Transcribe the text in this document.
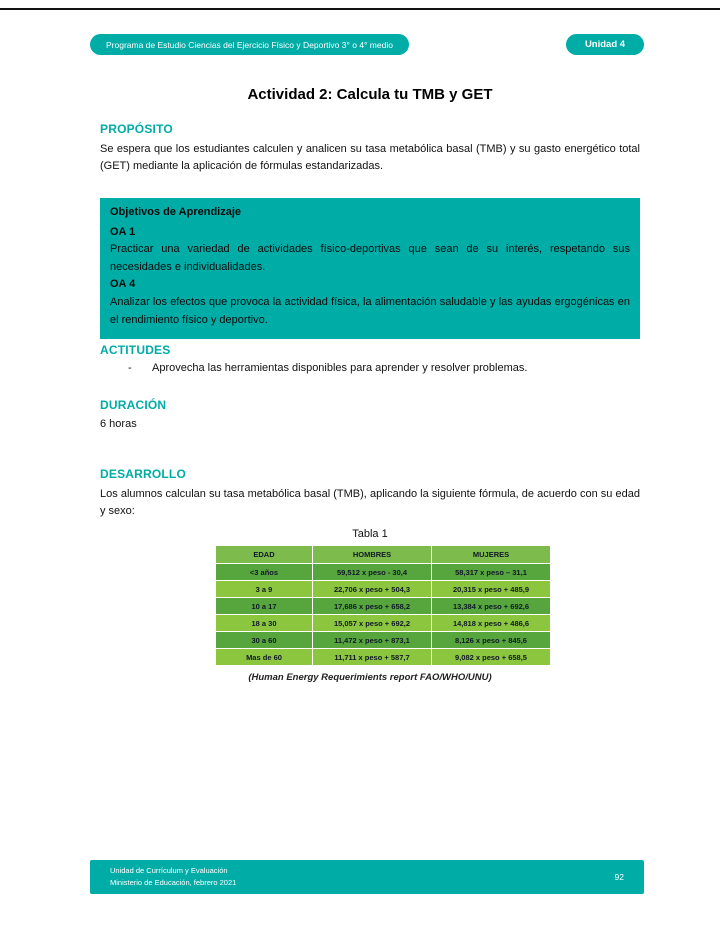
Programa de Estudio Ciencias del Ejercicio Físico y Deportivo 3° o 4° medio	Unidad 4
Actividad 2: Calcula tu TMB y GET
PROPÓSITO
Se espera que los estudiantes calculen y analicen su tasa metabólica basal (TMB) y su gasto energético total (GET) mediante la aplicación de fórmulas estandarizadas.
Objetivos de Aprendizaje
OA 1
Practicar una variedad de actividades físico-deportivas que sean de su interés, respetando sus necesidades e individualidades.
OA 4
Analizar los efectos que provoca la actividad física, la alimentación saludable y las ayudas ergogénicas en el rendimiento físico y deportivo.
ACTITUDES
-	Aprovecha las herramientas disponibles para aprender y resolver problemas.
DURACIÓN
6 horas
DESARROLLO
Los alumnos calculan su tasa metabólica basal (TMB), aplicando la siguiente fórmula, de acuerdo con su edad y sexo:
Tabla 1
EDAD	HOMBRES	MUJERES
<3 años	59,512 x peso - 30,4	58,317 x peso – 31,1
3 a 9	22,706 x peso + 504,3	20,315 x peso + 485,9
10 a 17	17,686 x peso + 658,2	13,384 x peso + 692,6
18 a 30	15,057 x peso + 692,2	14,818 x peso + 486,6
30 a 60	11,472 x peso + 873,1	8,126 x peso + 845,6
Mas de 60	11,711 x peso + 587,7	9,082 x peso + 658,5
(Human Energy Requerimients report FAO/WHO/UNU)
Unidad de Currículum y Evaluación
Ministerio de Educación, febrero 2021
92
